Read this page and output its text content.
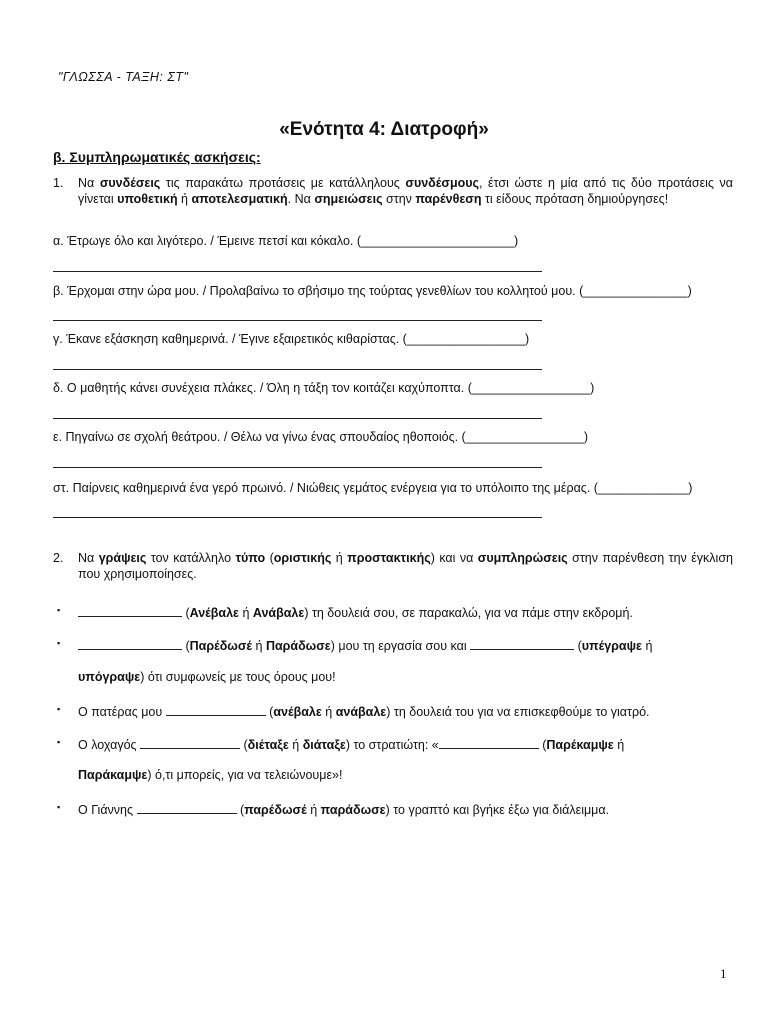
"ΓΛΩΣΣΑ - ΤΑΞΗ: ΣΤ"
«Ενότητα 4: Διατροφή»
β. Συμπληρωματικές ασκήσεις:
1. Να συνδέσεις τις παρακάτω προτάσεις με κατάλληλους συνδέσμους, έτσι ώστε η μία από τις δύο προτάσεις να γίνεται υποθετική ή αποτελεσματική. Να σημειώσεις στην παρένθεση τι είδους πρόταση δημιούργησες!
α. Έτρωγε όλο και λιγότερο. / Έμεινε πετσί και κόκαλο. (______________________)
β. Έρχομαι στην ώρα μου. / Προλαβαίνω το σβήσιμο της τούρτας γενεθλίων του κολλητού μου. (_______________)
γ. Έκανε εξάσκηση καθημερινά. / Έγινε εξαιρετικός κιθαρίστας. (_________________)
δ. Ο μαθητής κάνει συνέχεια πλάκες. / Όλη η τάξη τον κοιτάζει καχύποπτα. (_________________)
ε. Πηγαίνω σε σχολή θεάτρου. / Θέλω να γίνω ένας σπουδαίος ηθοποιός. (_________________)
στ. Παίρνεις καθημερινά ένα γερό πρωινό. / Νιώθεις γεμάτος ενέργεια για το υπόλοιπο της μέρας. (_____________)
2. Να γράψεις τον κατάλληλο τύπο (οριστικής ή προστακτικής) και να συμπληρώσεις στην παρένθεση την έγκλιση που χρησιμοποίησες.
▪	(Ανέβαλε ή Ανάβαλε) τη δουλειά σου, σε παρακαλώ, για να πάμε στην εκδρομή.
▪	(Παρέδωσέ ή Παράδωσε) μου τη εργασία σου και	(υπέγραψε ή
υπόγραψε) ότι συμφωνείς με τους όρους μου!
▪ Ο πατέρας μου	(ανέβαλε ή ανάβαλε) τη δουλειά του για να επισκεφθούμε το γιατρό.
▪ Ο λοχαγός	(διέταξε ή διάταξε) το στρατιώτη: «	(Παρέκαμψε ή
Παράκαμψε) ό,τι μπορείς, για να τελειώνουμε»!
▪ Ο Γιάννης	(παρέδωσέ ή παράδωσε) το γραπτό και βγήκε έξω για διάλειμμα.
1
